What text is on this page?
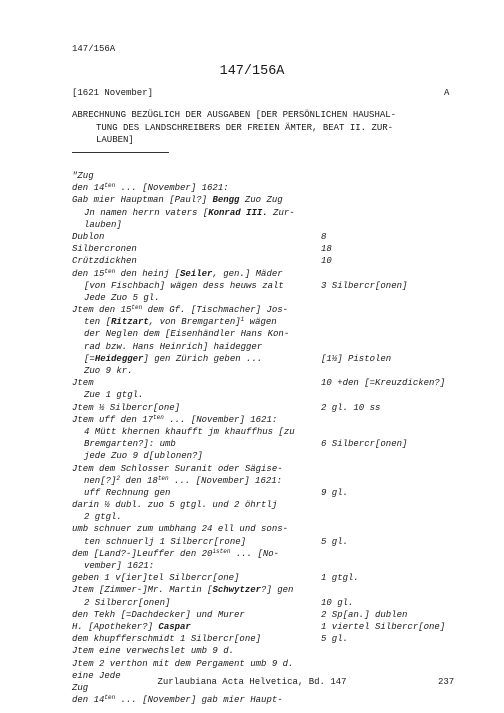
147/156A
147/156A
[1621 November]	A
ABRECHNUNG BEZÜGLICH DER AUSGABEN [DER PERSÖNLICHEN HAUSHAL-
TUNG DES LANDSCHREIBERS DER FREIEN ÄMTER, BEAT II. ZUR-
LAUBEN]
"Zug
den $14^{ten}$ ... [November] 1621:
Gab mier Hauptman [Paul?] Bengg Zuo Zug
Jn namen herrn vaters [Konrad III. Zur-
lauben]
Dublon	8
Silbercronen	18
Crützdickhen	10
den $15^{ten}$ den heinj [Seiler, gen.] Mäder
[von Fischbach] wägen dess heuws zalt	3 Silbercr[onen]
Jede Zuo 5 gl.
Jtem den $15^{ten}$ dem Gf. [Tischmacher] Jos-
ten [Ritzart, von Bremgarten]$^1$ wägen
der Neglen dem [Eisenhändler Hans Kon-
rad bzw. Hans Heinrich] haidegger
[=Heidegger] gen Zürich geben ...	[1½] Pistolen
Zuo 9 kr.
Jtem	10 +den [=Kreuzdicken?]
Zue 1 gtgl.
Jtem ½ Silbercr[one]	2 gl. 10 ss
Jtem uff den $17^{ten}$ ... [November] 1621:
4 Mütt khernen khaufft jm khauffhus [zu
Bremgarten?]: umb	6 Silbercr[onen]
jede Zuo 9 d[ublonen?]
Jtem dem Schlosser Suranit oder Sägise-
nen[?]$^2$ den $18^{ten}$ ... [November] 1621:
uff Rechnung gen	9 gl.
darin ½ dubl. zuo 5 gtgl. und 2 öhrtlj
2 gtgl.
umb schnuer zum umbhang 24 ell und sons-
ten schnuerlj 1 Silbercr[rone]	5 gl.
dem [Land?-]Leuffer den $20^{isten}$ ... [No-
vember] 1621:
geben 1 v[ier]tel Silbercr[one]	1 gtgl.
Jtem [Zimmer-]Mr. Martin [Schwytzer?] gen
2 Silbercr[onen]	10 gl.
den Tekh [=Dachdecker] und Murer	2 Sp[an.] dublen
H. [Apotheker?] Caspar	1 viertel Silbercr[one]
dem khupfferschmidt 1 Silbercr[one]	5 gl.
Jtem eine verwechslet umb 9 d.
Jtem 2 verthon mit dem Pergament umb 9 d.
eine Jede
Zug
den $14^{ten}$ ... [November] gab mier Haupt-
Zurlaubiana Acta Helvetica, Bd. 147	237
